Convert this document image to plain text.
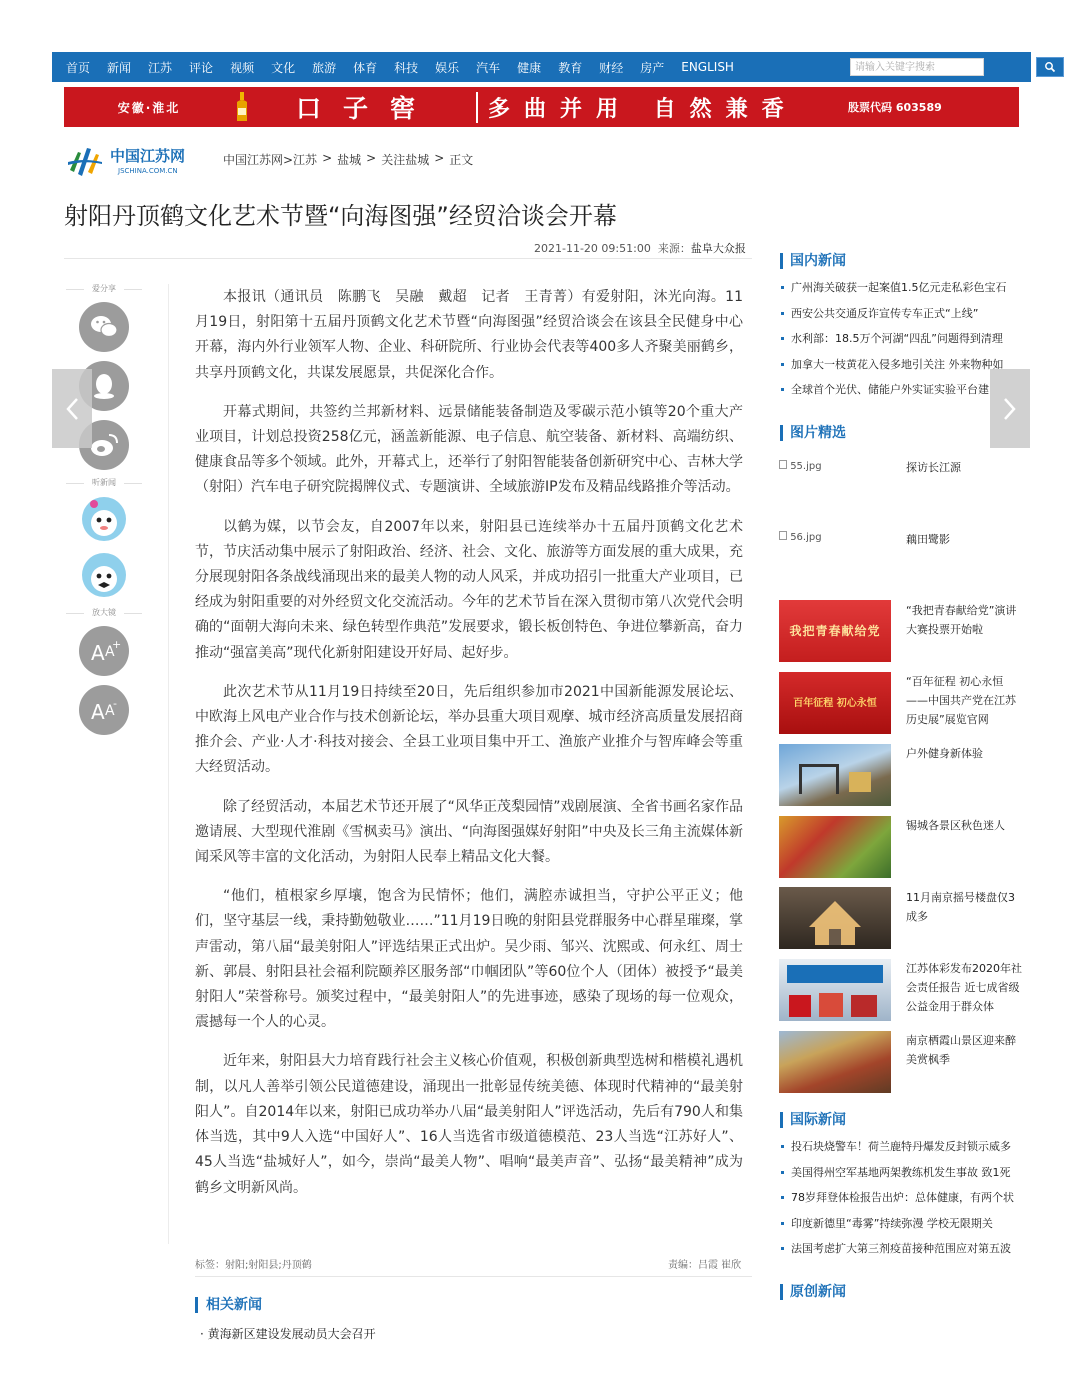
首页 新闻 江苏 评论 视频 文化 旅游 体育 科技 娱乐 汽车 健康 教育 财经 房产 ENGLISH	请输入关键字搜索
安徽·淮北	口子窖	多曲并用 自然兼香	股票代码 603589
中国江苏网
JSCHINA.COM.CN
中国江苏网>江苏 > 盐城 > 关注盐城 > 正文
射阳丹顶鹤文化艺术节暨“向海图强”经贸洽谈会开幕
2021-11-20 09:51:00 来源：盐阜大众报
爱分享
听新闻
放大镜
A A
+
A A
-

本报讯（通讯员　陈鹏飞　吴融　戴超　记者　王青菁）有爱射阳，沐光向海。11月19日，射阳第十五届丹顶鹤文化艺术节暨“向海图强”经贸洽谈会在该县全民健身中心开幕，海内外行业领军人物、企业、科研院所、行业协会代表等400多人齐聚美丽鹤乡，共享丹顶鹤文化，共谋发展愿景，共促深化合作。

开幕式期间，共签约兰邦新材料、远景储能装备制造及零碳示范小镇等20个重大产业项目，计划总投资258亿元，涵盖新能源、电子信息、航空装备、新材料、高端纺织、健康食品等多个领域。此外，开幕式上，还举行了射阳智能装备创新研究中心、吉林大学（射阳）汽车电子研究院揭牌仪式、专题演讲、全域旅游IP发布及精品线路推介等活动。

以鹤为媒，以节会友，自2007年以来，射阳县已连续举办十五届丹顶鹤文化艺术节，节庆活动集中展示了射阳政治、经济、社会、文化、旅游等方面发展的重大成果，充分展现射阳各条战线涌现出来的最美人物的动人风采，并成功招引一批重大产业项目，已经成为射阳重要的对外经贸文化交流活动。今年的艺术节旨在深入贯彻市第八次党代会明确的“面朝大海向未来、绿色转型作典范”发展要求，锻长板创特色、争进位攀新高，奋力推动“强富美高”现代化新射阳建设开好局、起好步。

此次艺术节从11月19日持续至20日，先后组织参加市2021中国新能源发展论坛、中欧海上风电产业合作与技术创新论坛，举办县重大项目观摩、城市经济高质量发展招商推介会、产业·人才·科技对接会、全县工业项目集中开工、渔旅产业推介与智库峰会等重大经贸活动。

除了经贸活动，本届艺术节还开展了“风华正茂梨园情”戏剧展演、全省书画名家作品邀请展、大型现代淮剧《雪枫卖马》演出、“向海图强媒好射阳”中央及长三角主流媒体新闻采风等丰富的文化活动，为射阳人民奉上精品文化大餐。

“他们，植根家乡厚壤，饱含为民情怀；他们，满腔赤诚担当，守护公平正义；他们，坚守基层一线，秉持勤勉敬业……”11月19日晚的射阳县党群服务中心群星璀璨，掌声雷动，第八届“最美射阳人”评选结果正式出炉。吴少雨、邹兴、沈熙或、何永红、周士新、郭晨、射阳县社会福利院颐养区服务部“巾帼团队”等60位个人（团体）被授予“最美射阳人”荣誉称号。颁奖过程中，“最美射阳人”的先进事迹，感染了现场的每一位观众，震撼每一个人的心灵。

近年来，射阳县大力培育践行社会主义核心价值观，积极创新典型选树和楷模礼遇机制，以凡人善举引领公民道德建设，涌现出一批彰显传统美德、体现时代精神的“最美射阳人”。自2014年以来，射阳已成功举办八届“最美射阳人”评选活动，先后有790人和集体当选，其中9人入选“中国好人”、16人当选省市级道德模范、23人当选“江苏好人”、45人当选“盐城好人”，如今，崇尚“最美人物”、唱响“最美声音”、弘扬“最美精神”成为鹤乡文明新风尚。

标签：射阳;射阳县;丹顶鹤	责编：吕霞 崔欣
相关新闻
· 黄海新区建设发展动员大会召开
国内新闻
广州海关破获一起案值1.5亿元走私彩色宝石
西安公共交通反诈宣传专车正式“上线”
水利部：18.5万个河湖“四乱”问题得到清理
加拿大一枝黄花入侵多地引关注 外来物种如
全球首个光伏、储能户外实证实验平台建
图片精选
55.jpg	探访长江源
56.jpg	藕田鹭影
我把青春献给党
“我把青春献给党”演讲大赛投票开始啦
百年征程 初心永恒
“百年征程 初心永恒——中国共产党在江苏历史展”展览官网
户外健身新体验
锡城各景区秋色迷人
11月南京摇号楼盘仅3成多
江苏体彩发布2020年社会责任报告 近七成省级公益金用于群众体
南京栖霞山景区迎来醉美赏枫季
国际新闻
投石块烧警车！荷兰鹿特丹爆发反封锁示威多
美国得州空军基地两架教练机发生事故 致1死
78岁拜登体检报告出炉：总体健康，有两个状
印度新德里“毒雾”持续弥漫 学校无限期关
法国考虑扩大第三剂疫苗接种范围应对第五波
原创新闻
